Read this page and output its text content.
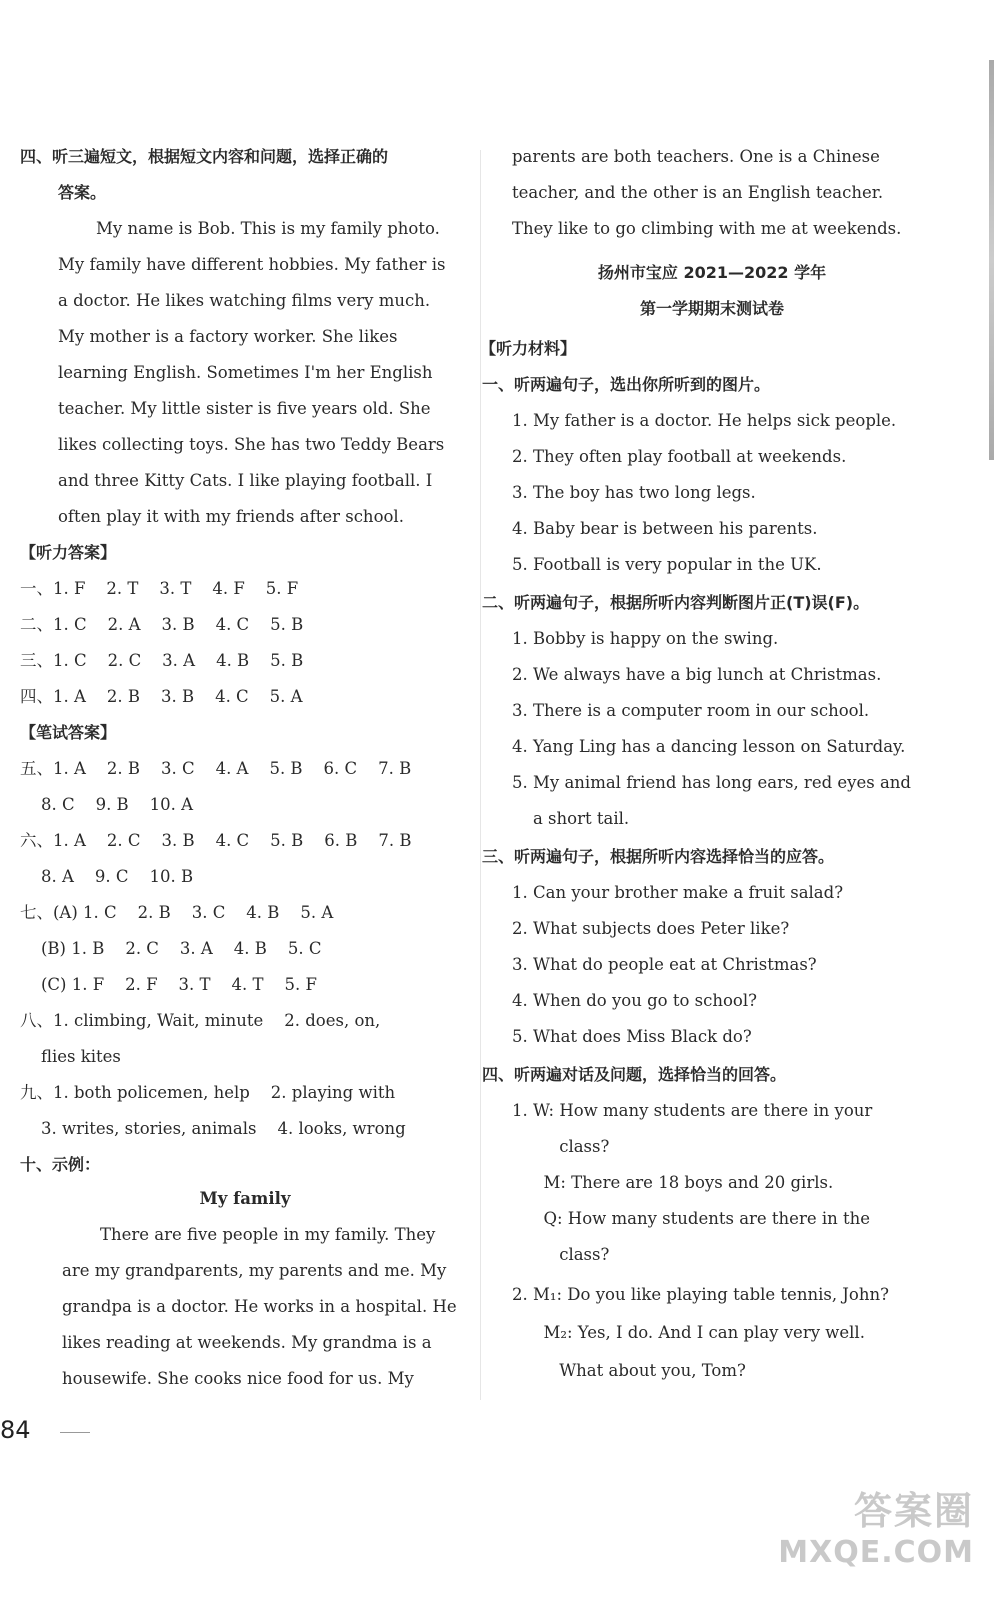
四、听三遍短文，根据短文内容和问题，选择正确的
答案。
My name is Bob. This is my family photo.
My family have different hobbies. My father is
a doctor. He likes watching films very much.
My mother is a factory worker. She likes
learning English. Sometimes I'm her English
teacher. My little sister is five years old. She
likes collecting toys. She has two Teddy Bears
and three Kitty Cats. I like playing football. I
often play it with my friends after school.
【听力答案】
一、1. F    2. T    3. T    4. F    5. F
二、1. C    2. A    3. B    4. C    5. B
三、1. C    2. C    3. A    4. B    5. B
四、1. A    2. B    3. B    4. C    5. A
【笔试答案】
五、1. A    2. B    3. C    4. A    5. B    6. C    7. B
8. C    9. B    10. A
六、1. A    2. C    3. B    4. C    5. B    6. B    7. B
8. A    9. C    10. B
七、(A) 1. C    2. B    3. C    4. B    5. A
(B) 1. B    2. C    3. A    4. B    5. C
(C) 1. F    2. F    3. T    4. T    5. F
八、1. climbing, Wait, minute    2. does, on,
flies kites
九、1. both policemen, help    2. playing with
3. writes, stories, animals    4. looks, wrong
十、示例：
My family
There are five people in my family. They
are my grandparents, my parents and me. My
grandpa is a doctor. He works in a hospital. He
likes reading at weekends. My grandma is a
housewife. She cooks nice food for us. My
84
parents are both teachers. One is a Chinese
teacher, and the other is an English teacher.
They like to go climbing with me at weekends.
扬州市宝应 2021—2022 学年
第一学期期末测试卷
【听力材料】
一、听两遍句子，选出你所听到的图片。
1. My father is a doctor. He helps sick people.
2. They often play football at weekends.
3. The boy has two long legs.
4. Baby bear is between his parents.
5. Football is very popular in the UK.
二、听两遍句子，根据所听内容判断图片正(T)误(F)。
1. Bobby is happy on the swing.
2. We always have a big lunch at Christmas.
3. There is a computer room in our school.
4. Yang Ling has a dancing lesson on Saturday.
5. My animal friend has long ears, red eyes and
a short tail.
三、听两遍句子，根据所听内容选择恰当的应答。
1. Can your brother make a fruit salad?
2. What subjects does Peter like?
3. What do people eat at Christmas?
4. When do you go to school?
5. What does Miss Black do?
四、听两遍对话及问题，选择恰当的回答。
1. W: How many students are there in your
class?
M: There are 18 boys and 20 girls.
Q: How many students are there in the
class?
2. M₁: Do you like playing table tennis, John?
M₂: Yes, I do. And I can play very well.
What about you, Tom?
答案圈
MXQE.COM
